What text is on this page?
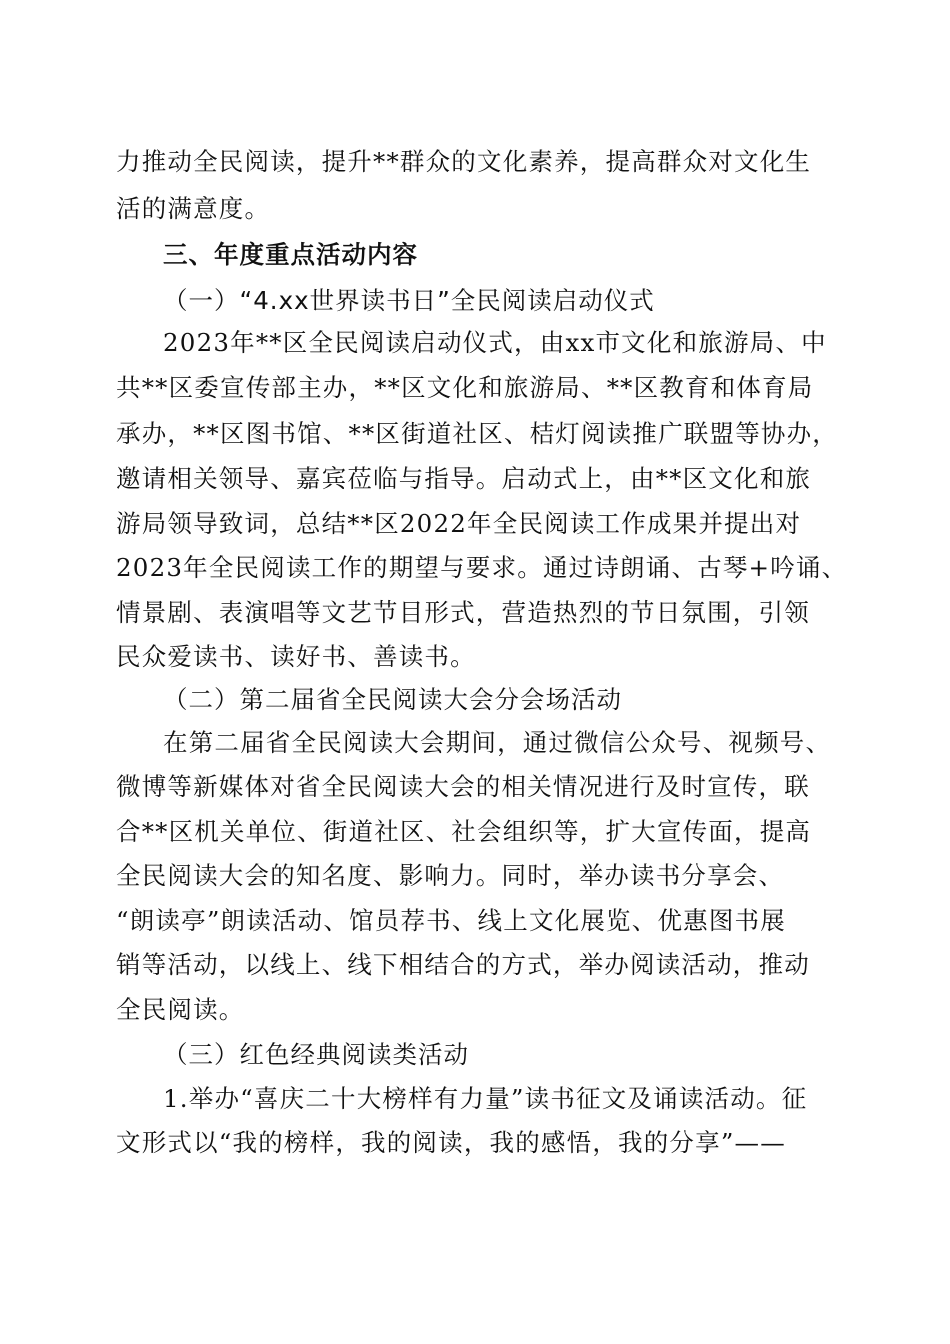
力推动全民阅读，提升**群众的文化素养，提高群众对文化生
活的满意度。
三、年度重点活动内容
（一）“4.xx世界读书日”全民阅读启动仪式
2023年**区全民阅读启动仪式，由xx市文化和旅游局、中
共**区委宣传部主办，**区文化和旅游局、**区教育和体育局
承办，**区图书馆、**区街道社区、桔灯阅读推广联盟等协办，
邀请相关领导、嘉宾莅临与指导。启动式上，由**区文化和旅
游局领导致词，总结**区2022年全民阅读工作成果并提出对
2023年全民阅读工作的期望与要求。通过诗朗诵、古琴+吟诵、
情景剧、表演唱等文艺节目形式，营造热烈的节日氛围，引领
民众爱读书、读好书、善读书。
（二）第二届省全民阅读大会分会场活动
在第二届省全民阅读大会期间，通过微信公众号、视频号、
微博等新媒体对省全民阅读大会的相关情况进行及时宣传，联
合**区机关单位、街道社区、社会组织等，扩大宣传面，提高
全民阅读大会的知名度、影响力。同时，举办读书分享会、
“朗读亭”朗读活动、馆员荐书、线上文化展览、优惠图书展
销等活动，以线上、线下相结合的方式，举办阅读活动，推动
全民阅读。
（三）红色经典阅读类活动
1.举办“喜庆二十大榜样有力量”读书征文及诵读活动。征
文形式以“我的榜样，我的阅读，我的感悟，我的分享”——
